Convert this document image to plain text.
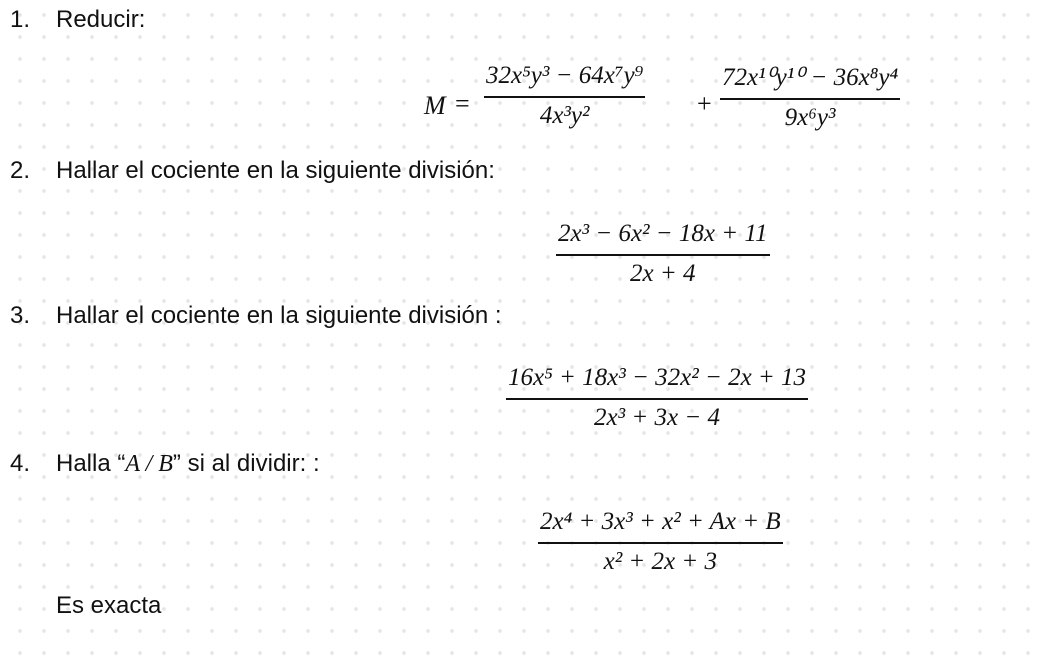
1. Reducir:
M =
32x⁵y³ − 64x⁷y⁹
4x³y²	+
72x¹⁰y¹⁰ − 36x⁸y⁴
9x⁶y³
2. Hallar el cociente en la siguiente división:
2x³ − 6x² − 18x + 11
2x + 4
3. Hallar el cociente en la siguiente división :
16x⁵ + 18x³ − 32x² − 2x + 13
2x³ + 3x − 4
4. Halla “A / B” si al dividir: :
2x⁴ + 3x³ + x² + Ax + B
x² + 2x + 3
Es exacta
